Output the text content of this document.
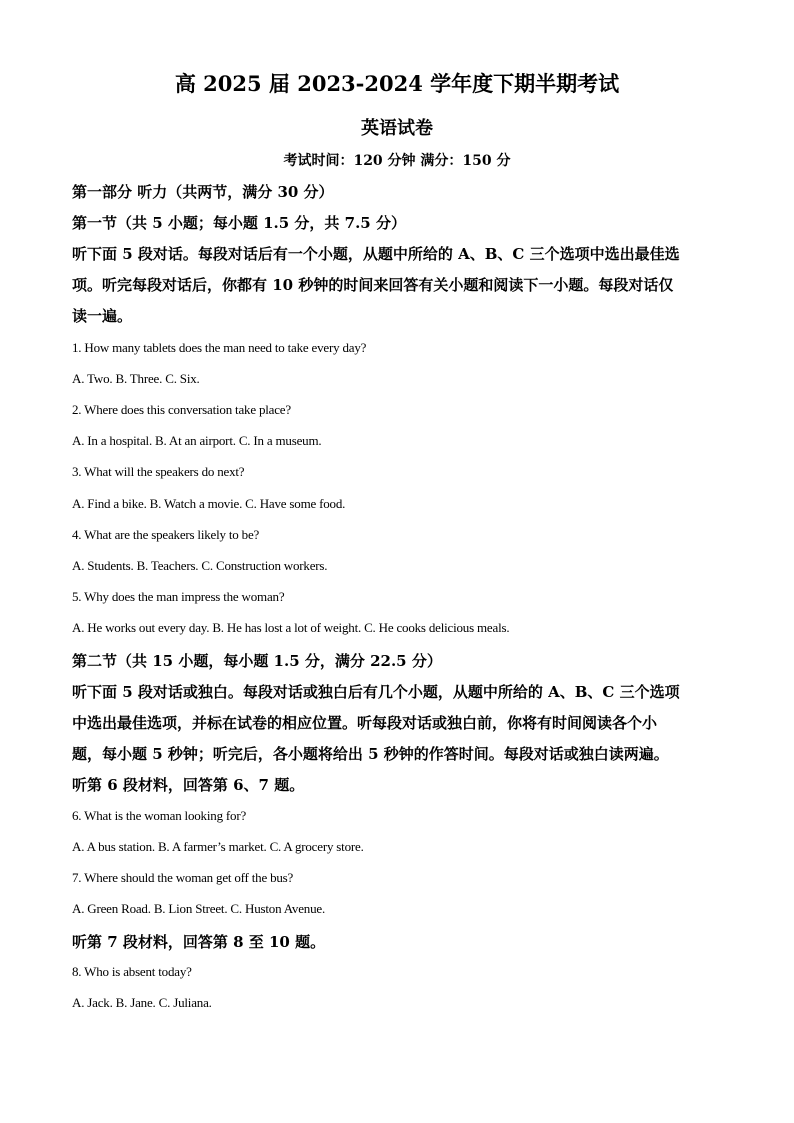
高 2025 届 2023-2024 学年度下期半期考试
英语试卷
考试时间：120 分钟 满分：150 分
第一部分 听力（共两节，满分 30 分）
第一节（共 5 小题；每小题 1.5 分，共 7.5 分）
听下面 5 段对话。每段对话后有一个小题，从题中所给的 A、B、C 三个选项中选出最佳选
项。听完每段对话后，你都有 10 秒钟的时间来回答有关小题和阅读下一小题。每段对话仅
读一遍。
1. How many tablets does the man need to take every day?
A. Two. B. Three. C. Six.
2. Where does this conversation take place?
A. In a hospital. B. At an airport. C. In a museum.
3. What will the speakers do next?
A. Find a bike. B. Watch a movie. C. Have some food.
4. What are the speakers likely to be?
A. Students. B. Teachers. C. Construction workers.
5. Why does the man impress the woman?
A. He works out every day. B. He has lost a lot of weight. C. He cooks delicious meals.
第二节（共 15 小题，每小题 1.5 分，满分 22.5 分）
听下面 5 段对话或独白。每段对话或独白后有几个小题，从题中所给的 A、B、C 三个选项
中选出最佳选项，并标在试卷的相应位置。听每段对话或独白前，你将有时间阅读各个小
题，每小题 5 秒钟；听完后，各小题将给出 5 秒钟的作答时间。每段对话或独白读两遍。
听第 6 段材料，回答第 6、7 题。
6. What is the woman looking for?
A. A bus station. B. A farmer’s market. C. A grocery store.
7. Where should the woman get off the bus?
A. Green Road. B. Lion Street. C. Huston Avenue.
听第 7 段材料，回答第 8 至 10 题。
8. Who is absent today?
A. Jack. B. Jane. C. Juliana.
